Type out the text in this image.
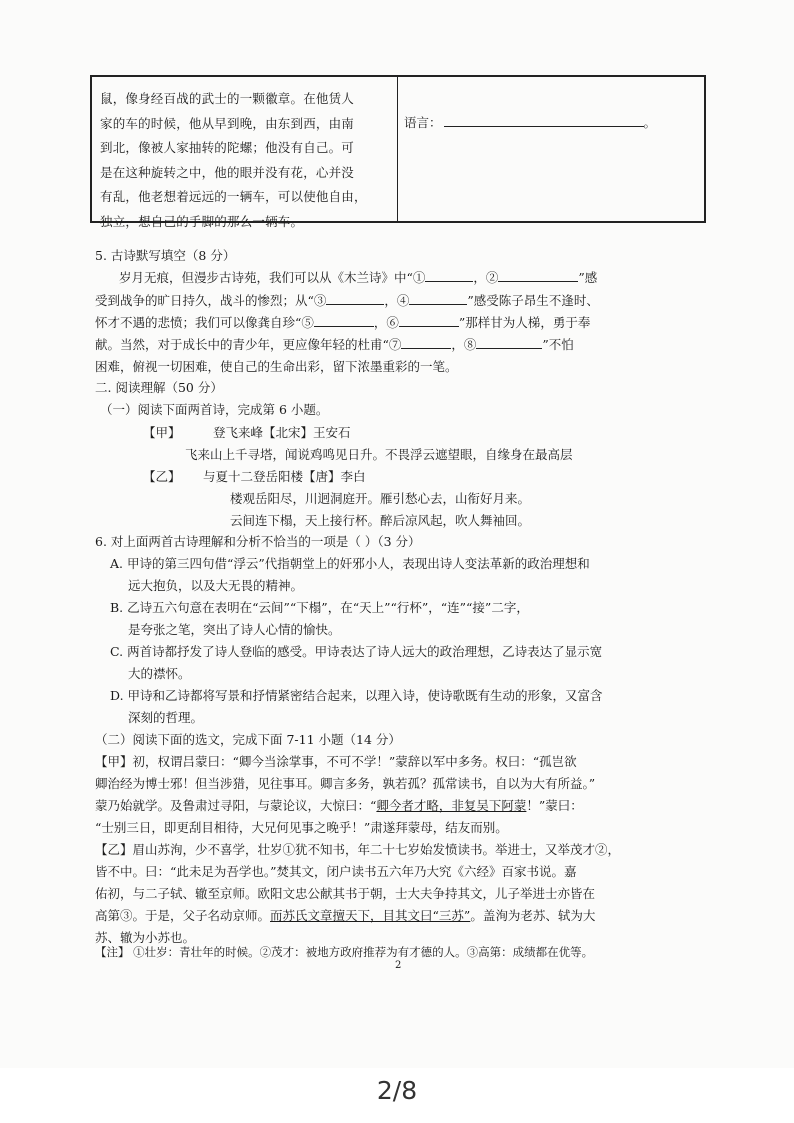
鼠，像身经百战的武士的一颗徽章。在他赁人
家的车的时候，他从早到晚，由东到西，由南
到北，像被人家抽转的陀螺；他没有自己。可
是在这种旋转之中，他的眼并没有花，心并没
有乱，他老想着远远的一辆车，可以使他自由，
独立，想自己的手脚的那么一辆车。
语言：	。
5. 古诗默写填空（8 分）
岁月无痕，但漫步古诗苑，我们可以从《木兰诗》中“①	，②	”感
受到战争的旷日持久，战斗的惨烈；从“③	，④	”感受陈子昂生不逢时、
怀才不遇的悲愤；我们可以像龚自珍“⑤	，⑥	”那样甘为人梯，勇于奉
献。当然，对于成长中的青少年，更应像年轻的杜甫“⑦	，⑧	”不怕
困难，俯视一切困难，使自己的生命出彩，留下浓墨重彩的一笔。
二. 阅读理解（50 分）
（一）阅读下面两首诗，完成第 6 小题。
【甲】	登飞来峰【北宋】王安石
飞来山上千寻塔，闻说鸡鸣见日升。不畏浮云遮望眼，自缘身在最高层
【乙】 与夏十二登岳阳楼【唐】李白
楼观岳阳尽，川迥洞庭开。雁引愁心去，山衔好月来。
云间连下榻，天上接行杯。醉后凉风起，吹人舞袖回。
6. 对上面两首古诗理解和分析不恰当的一项是（ ）（3 分）
A. 甲诗的第三四句借“浮云”代指朝堂上的奸邪小人，表现出诗人变法革新的政治理想和
远大抱负，以及大无畏的精神。
B. 乙诗五六句意在表明在“云间”“下榻”，在“天上”“行杯”，“连”“接”二字，
是夸张之笔，突出了诗人心情的愉快。
C. 两首诗都抒发了诗人登临的感受。甲诗表达了诗人远大的政治理想，乙诗表达了显示宽
大的襟怀。
D. 甲诗和乙诗都将写景和抒情紧密结合起来，以理入诗，使诗歌既有生动的形象，又富含
深刻的哲理。
（二）阅读下面的选文，完成下面 7-11 小题（14 分）
【甲】初，权谓吕蒙曰：“卿今当涂掌事，不可不学！”蒙辞以军中多务。权曰：“孤岂欲
卿治经为博士邪！但当涉猎，见往事耳。卿言多务，孰若孤？孤常读书，自以为大有所益。”
蒙乃始就学。及鲁肃过寻阳，与蒙论议，大惊曰：“卿今者才略，非复吴下阿蒙！”蒙曰：
“士别三日，即更刮目相待，大兄何见事之晚乎！”肃遂拜蒙母，结友而别。
【乙】眉山苏洵，少不喜学，壮岁①犹不知书，年二十七岁始发愤读书。举进士，又举茂才②，
皆不中。曰：“此未足为吾学也。”焚其文，闭户读书五六年乃大究《六经》百家书说。嘉
佑初，与二子轼、辙至京师。欧阳文忠公献其书于朝，士大夫争持其文，儿子举进士亦皆在
高第③。于是，父子名动京师。而苏氏文章擅天下，目其文曰“三苏”。盖洵为老苏、轼为大
苏、辙为小苏也。
【注】 ①壮岁：青壮年的时候。②茂才：被地方政府推荐为有才德的人。③高第：成绩都在优等。
2
2/8
